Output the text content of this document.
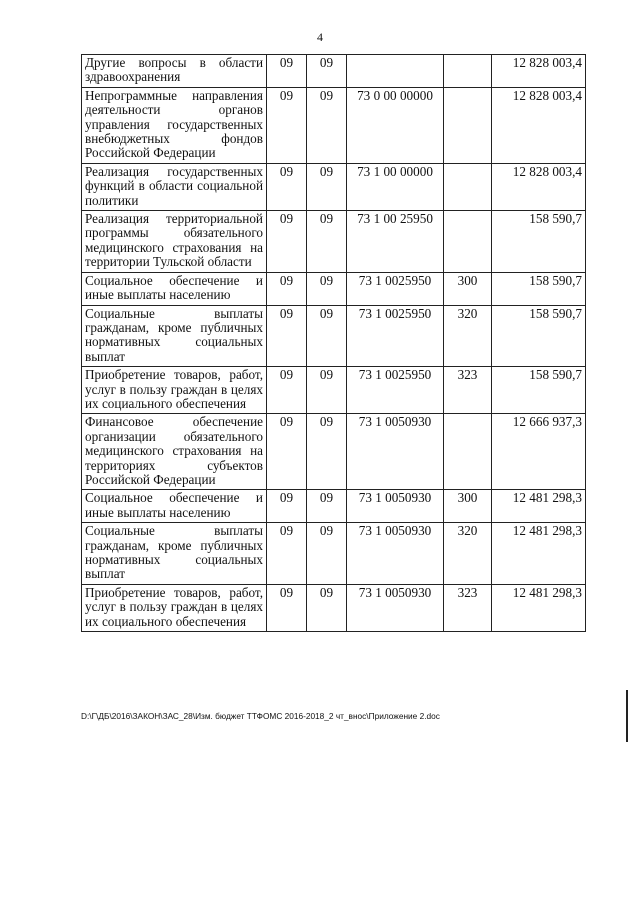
4
Другие вопросы в области здравоохранения	09	09			12 828 003,4
Непрограммные направления деятельности органов управления государственных внебюджетных фондов Российской Федерации	09	09	73 0 00 00000		12 828 003,4
Реализация государственных функций в области социальной политики	09	09	73 1 00 00000		12 828 003,4
Реализация территориальной программы обязательного медицинского страхования на территории Тульской области	09	09	73 1 00 25950		158 590,7
Социальное обеспечение и иные выплаты населению	09	09	73 1 0025950	300	158 590,7
Социальные выплаты гражданам, кроме публичных нормативных социальных выплат	09	09	73 1 0025950	320	158 590,7
Приобретение товаров, работ, услуг в пользу граждан в целях их социального обеспечения	09	09	73 1 0025950	323	158 590,7
Финансовое обеспечение организации обязательного медицинского страхования на территориях субъектов Российской Федерации	09	09	73 1 0050930		12 666 937,3
Социальное обеспечение и иные выплаты населению	09	09	73 1 0050930	300	12 481 298,3
Социальные выплаты гражданам, кроме публичных нормативных социальных выплат	09	09	73 1 0050930	320	12 481 298,3
Приобретение товаров, работ, услуг в пользу граждан в целях их социального обеспечения	09	09	73 1 0050930	323	12 481 298,3
D:\Г\ДБ\2016\ЗАКОН\ЗАС_28\Изм. бюджет ТТФОМС 2016-2018_2 чт_внос\Приложение 2.doc
